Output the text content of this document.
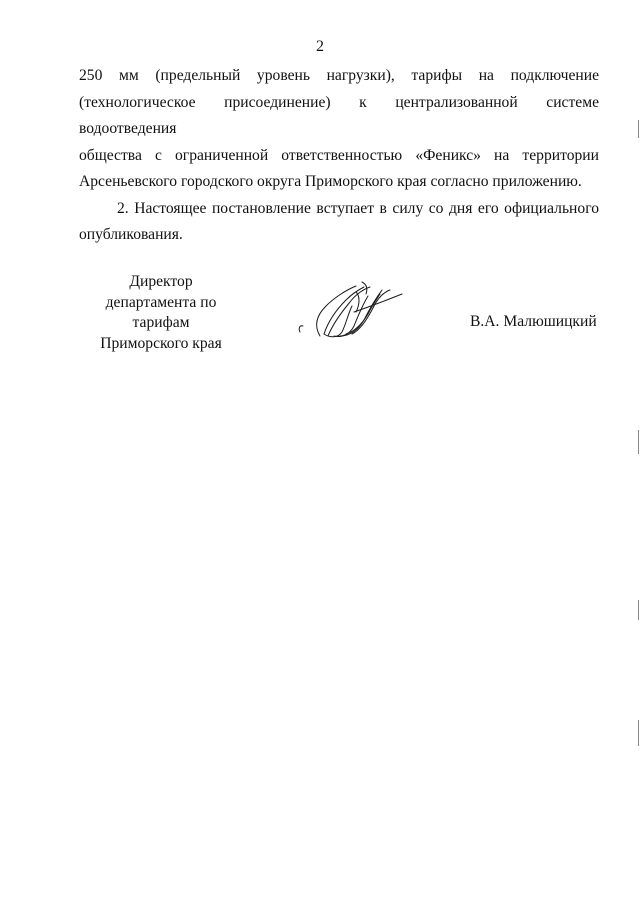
2

250 мм (предельный уровень нагрузки), тарифы на подключение
(технологическое присоединение) к централизованной системе водоотведения
общества с ограниченной ответственностью «Феникс» на территории
Арсеньевского городского округа Приморского края согласно приложению.

2. Настоящее постановление вступает в силу со дня его официального
опубликования.

Директор
департамента по тарифам
Приморского края
В.А. Малюшицкий
